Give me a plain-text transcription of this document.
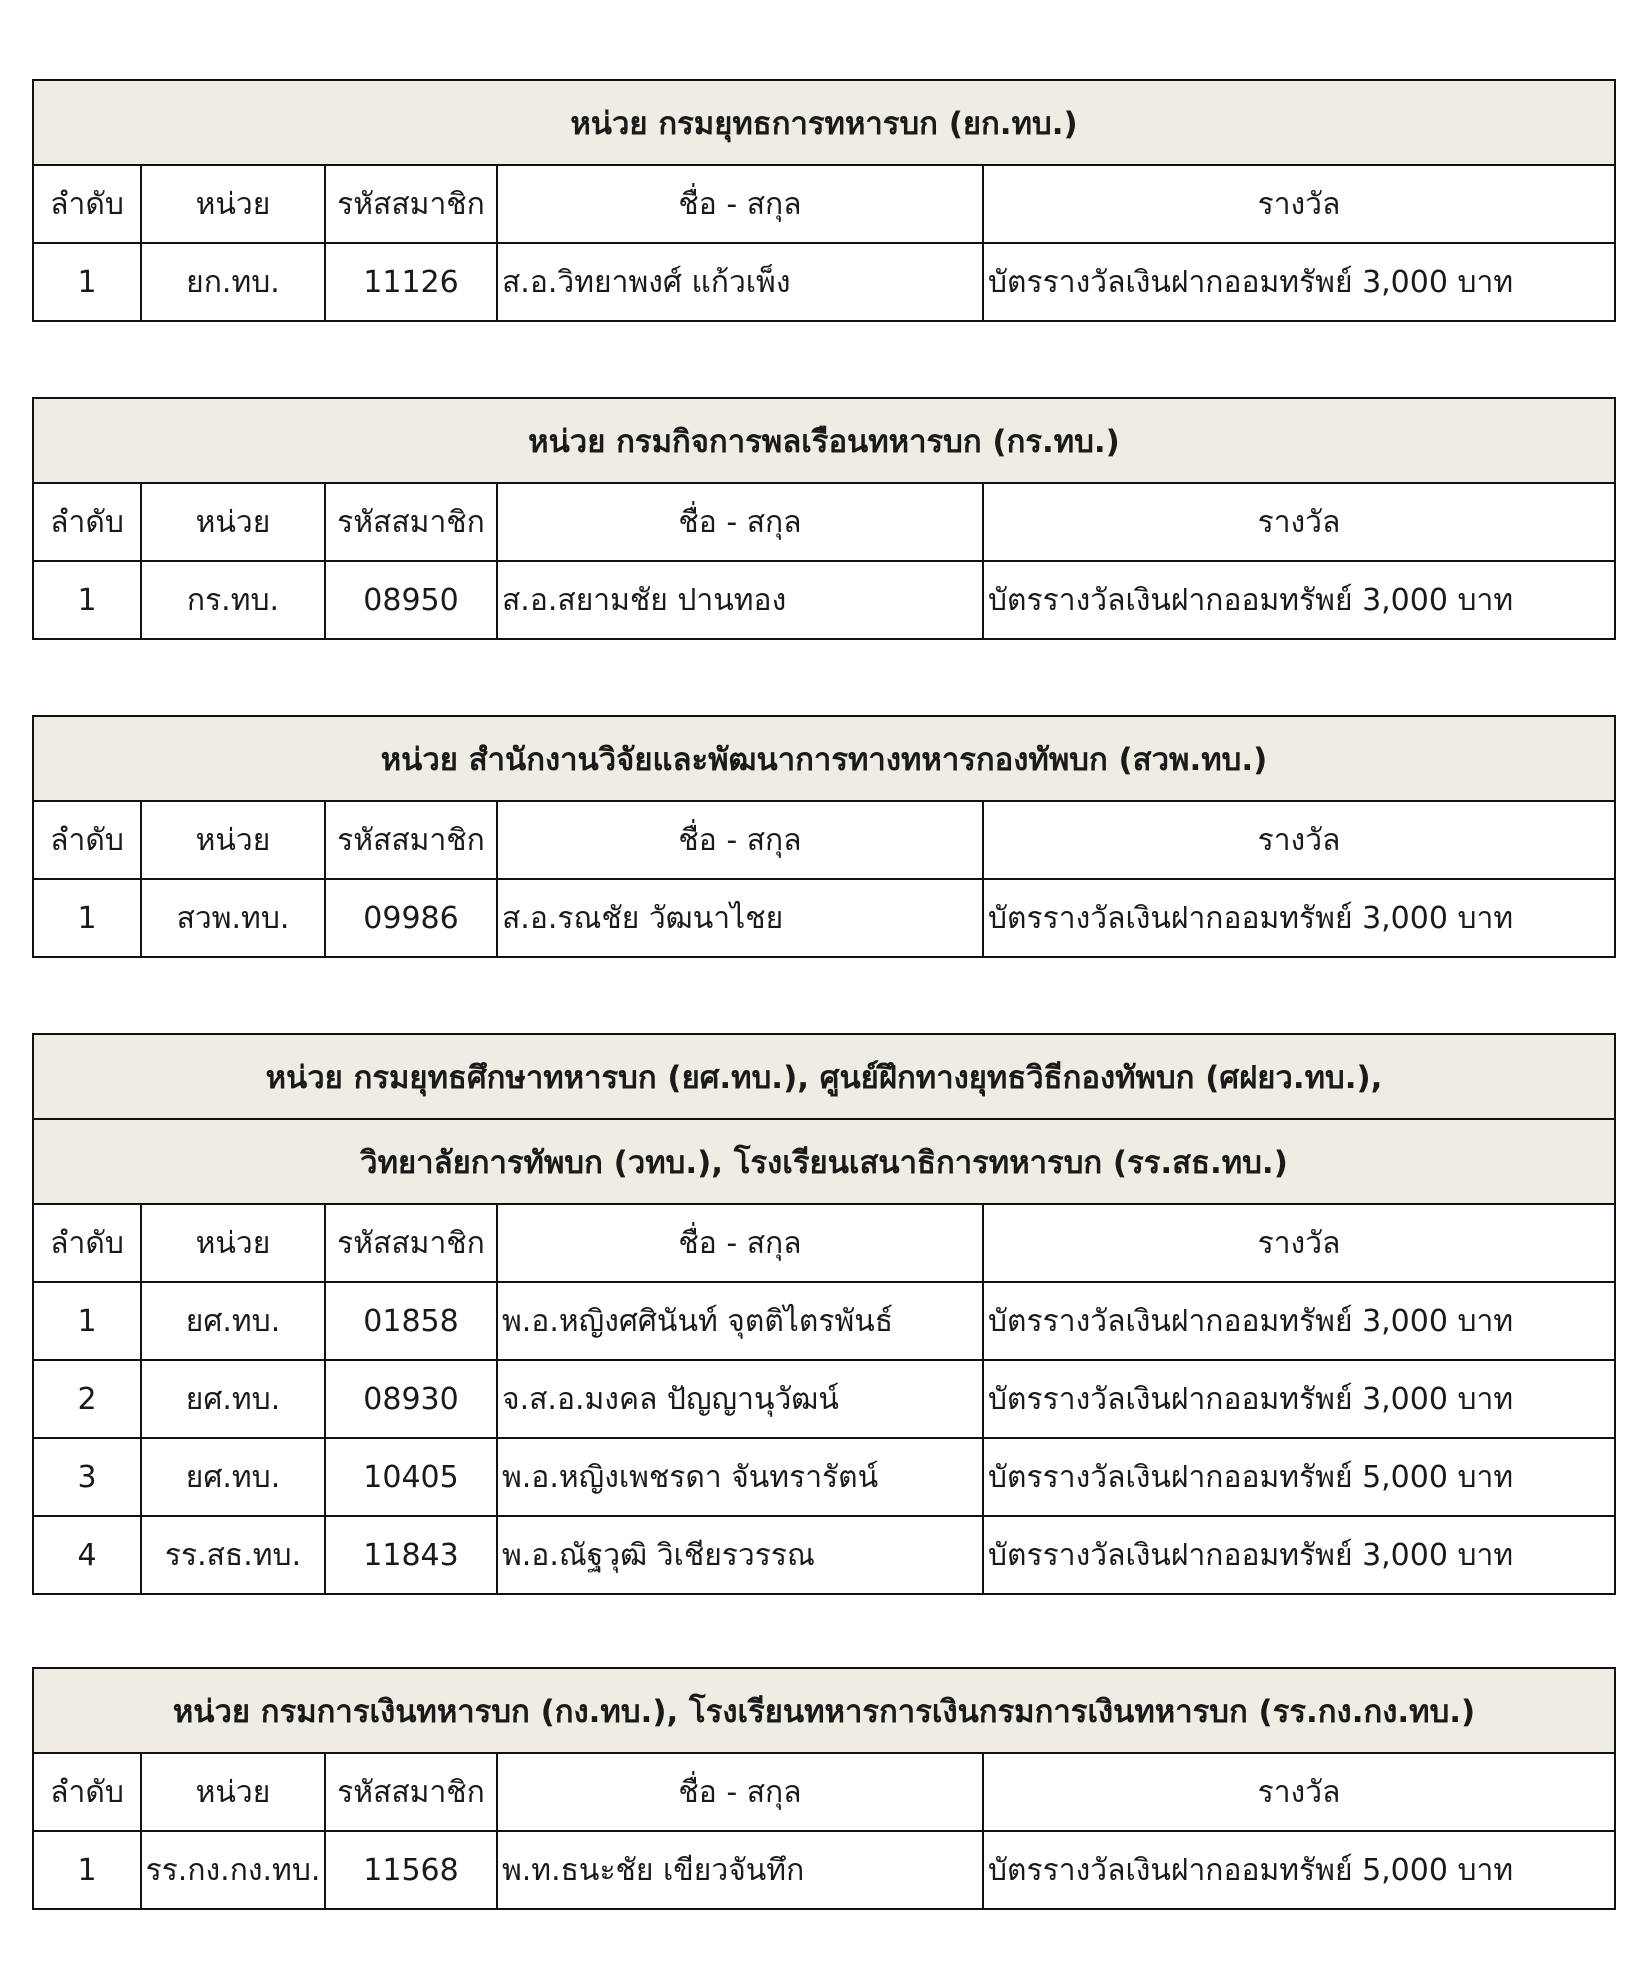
หน่วย กรมยุทธการทหารบก (ยก.ทบ.)				
ลำดับ	หน่วย	รหัสสมาชิก	ชื่อ - สกุล	รางวัล
1	ยก.ทบ.	11126	ส.อ.วิทยาพงศ์ แก้วเพ็ง	บัตรรางวัลเงินฝากออมทรัพย์ 3,000 บาท
หน่วย กรมกิจการพลเรือนทหารบก (กร.ทบ.)				
ลำดับ	หน่วย	รหัสสมาชิก	ชื่อ - สกุล	รางวัล
1	กร.ทบ.	08950	ส.อ.สยามชัย ปานทอง	บัตรรางวัลเงินฝากออมทรัพย์ 3,000 บาท
หน่วย สำนักงานวิจัยและพัฒนาการทางทหารกองทัพบก (สวพ.ทบ.)				
ลำดับ	หน่วย	รหัสสมาชิก	ชื่อ - สกุล	รางวัล
1	สวพ.ทบ.	09986	ส.อ.รณชัย วัฒนาไชย	บัตรรางวัลเงินฝากออมทรัพย์ 3,000 บาท
หน่วย กรมยุทธศึกษาทหารบก (ยศ.ทบ.), ศูนย์ฝึกทางยุทธวิธีกองทัพบก (ศฝยว.ทบ.),				
วิทยาลัยการทัพบก (วทบ.), โรงเรียนเสนาธิการทหารบก (รร.สธ.ทบ.)				
ลำดับ	หน่วย	รหัสสมาชิก	ชื่อ - สกุล	รางวัล
1	ยศ.ทบ.	01858	พ.อ.หญิงศศินันท์ จุตติไตรพันธ์	บัตรรางวัลเงินฝากออมทรัพย์ 3,000 บาท
2	ยศ.ทบ.	08930	จ.ส.อ.มงคล ปัญญานุวัฒน์	บัตรรางวัลเงินฝากออมทรัพย์ 3,000 บาท
3	ยศ.ทบ.	10405	พ.อ.หญิงเพชรดา จันทรารัตน์	บัตรรางวัลเงินฝากออมทรัพย์ 5,000 บาท
4	รร.สธ.ทบ.	11843	พ.อ.ณัฐวุฒิ วิเชียรวรรณ	บัตรรางวัลเงินฝากออมทรัพย์ 3,000 บาท
หน่วย กรมการเงินทหารบก (กง.ทบ.), โรงเรียนทหารการเงินกรมการเงินทหารบก (รร.กง.กง.ทบ.)				
ลำดับ	หน่วย	รหัสสมาชิก	ชื่อ - สกุล	รางวัล
1	รร.กง.กง.ทบ.	11568	พ.ท.ธนะชัย เขียวจันทึก	บัตรรางวัลเงินฝากออมทรัพย์ 5,000 บาท
